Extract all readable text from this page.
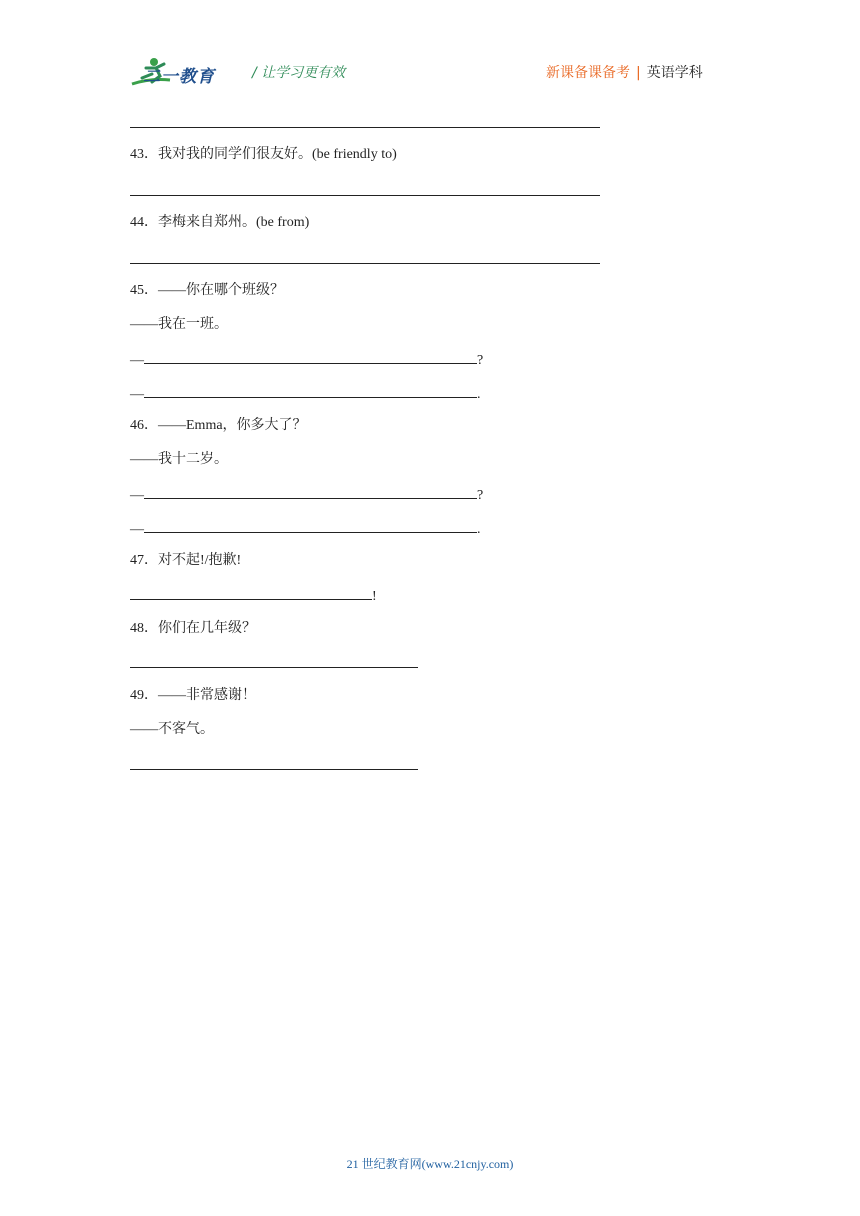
二一教育	/ 让学习更有效	新课备课备考 | 英语学科
43．我对我的同学们很友好。(be friendly to)
44．李梅来自郑州。(be from)
45．——你在哪个班级？
——我在一班。
—	?
—	.
46．——Emma，你多大了？
——我十二岁。
—	?
—	.
47．对不起!/抱歉!
!
48．你们在几年级？
49．——非常感谢！
——不客气。
21 世纪教育网(www.21cnjy.com)
